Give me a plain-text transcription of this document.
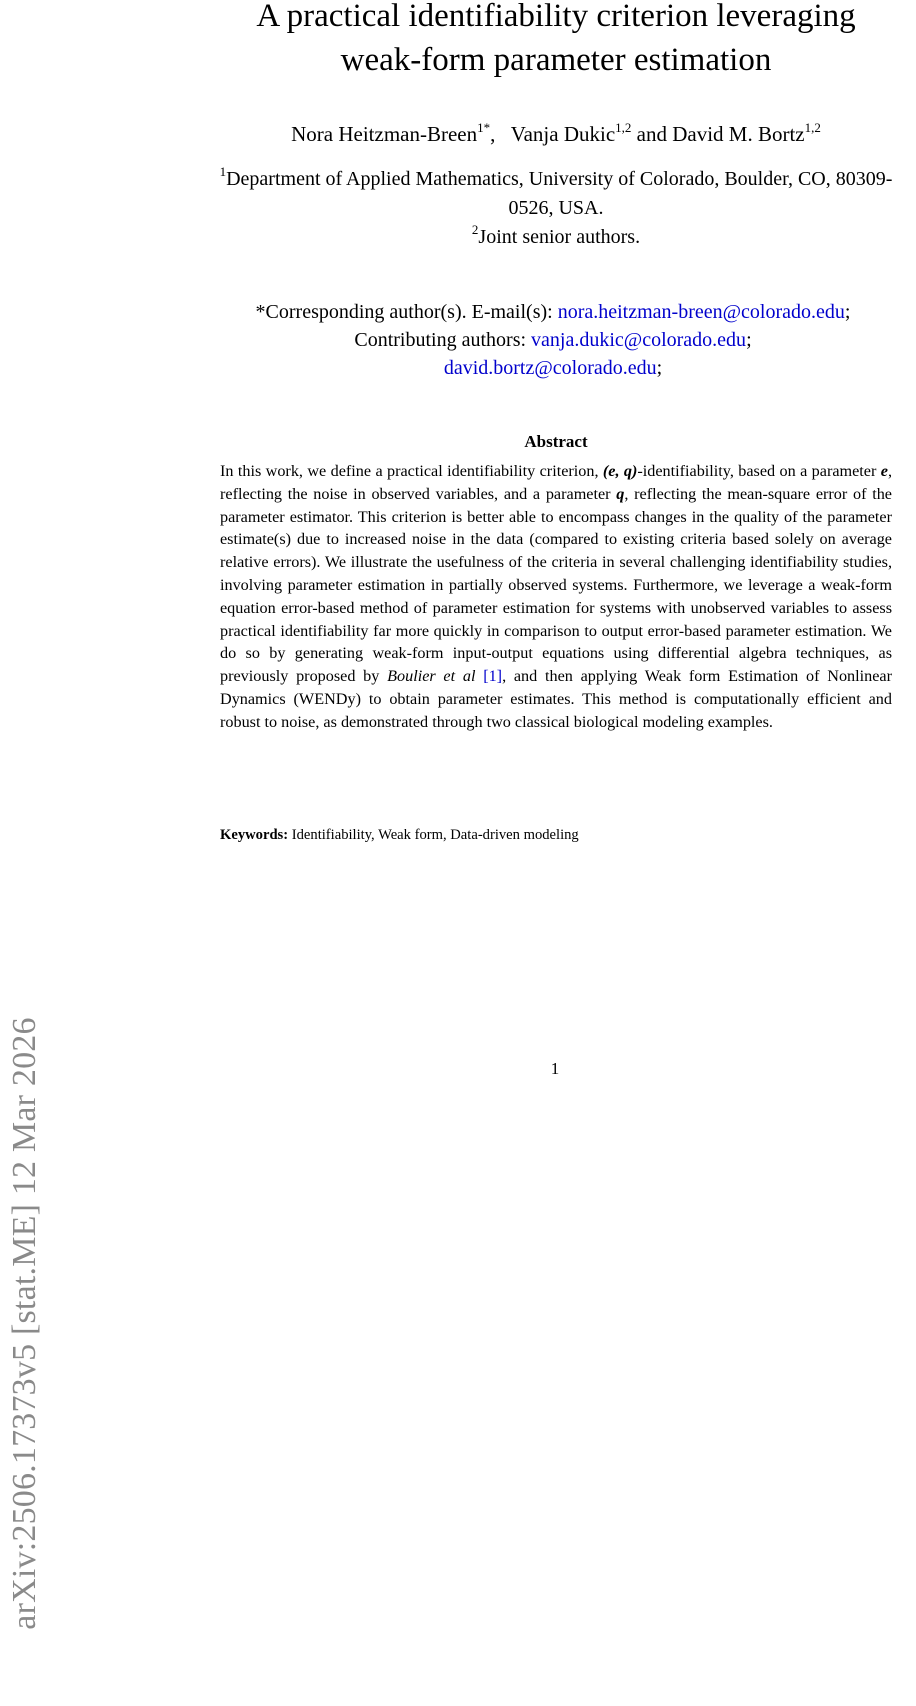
arXiv:2506.17373v5 [stat.ME] 12 Mar 2026
A practical identifiability criterion leveraging weak-form parameter estimation
Nora Heitzman-Breen$^{1*}$, Vanja Dukic$^{1,2}$ and David M. Bortz$^{1,2}$
$^1$Department of Applied Mathematics, University of Colorado, Boulder, CO, 80309-0526, USA.
$^2$Joint senior authors.
*Corresponding author(s). E-mail(s): nora.heitzman-breen@colorado.edu;
Contributing authors: vanja.dukic@colorado.edu;
david.bortz@colorado.edu;
Abstract
In this work, we define a practical identifiability criterion, (e, q)-identifiability, based on a parameter e, reflecting the noise in observed variables, and a parameter q, reflecting the mean-square error of the parameter estimator. This criterion is better able to encompass changes in the quality of the parameter estimate(s) due to increased noise in the data (compared to existing criteria based solely on average relative errors). We illustrate the usefulness of the criteria in several challenging identifiability studies, involving parameter estimation in partially observed systems. Furthermore, we leverage a weak-form equation error-based method of parameter estimation for systems with unobserved variables to assess practical identifiability far more quickly in comparison to output error-based parameter estimation. We do so by generating weak-form input-output equations using differential algebra techniques, as previously proposed by Boulier et al [1], and then applying Weak form Estimation of Nonlinear Dynamics (WENDy) to obtain parameter estimates. This method is computationally efficient and robust to noise, as demonstrated through two classical biological modeling examples.
Keywords: Identifiability, Weak form, Data-driven modeling
1
